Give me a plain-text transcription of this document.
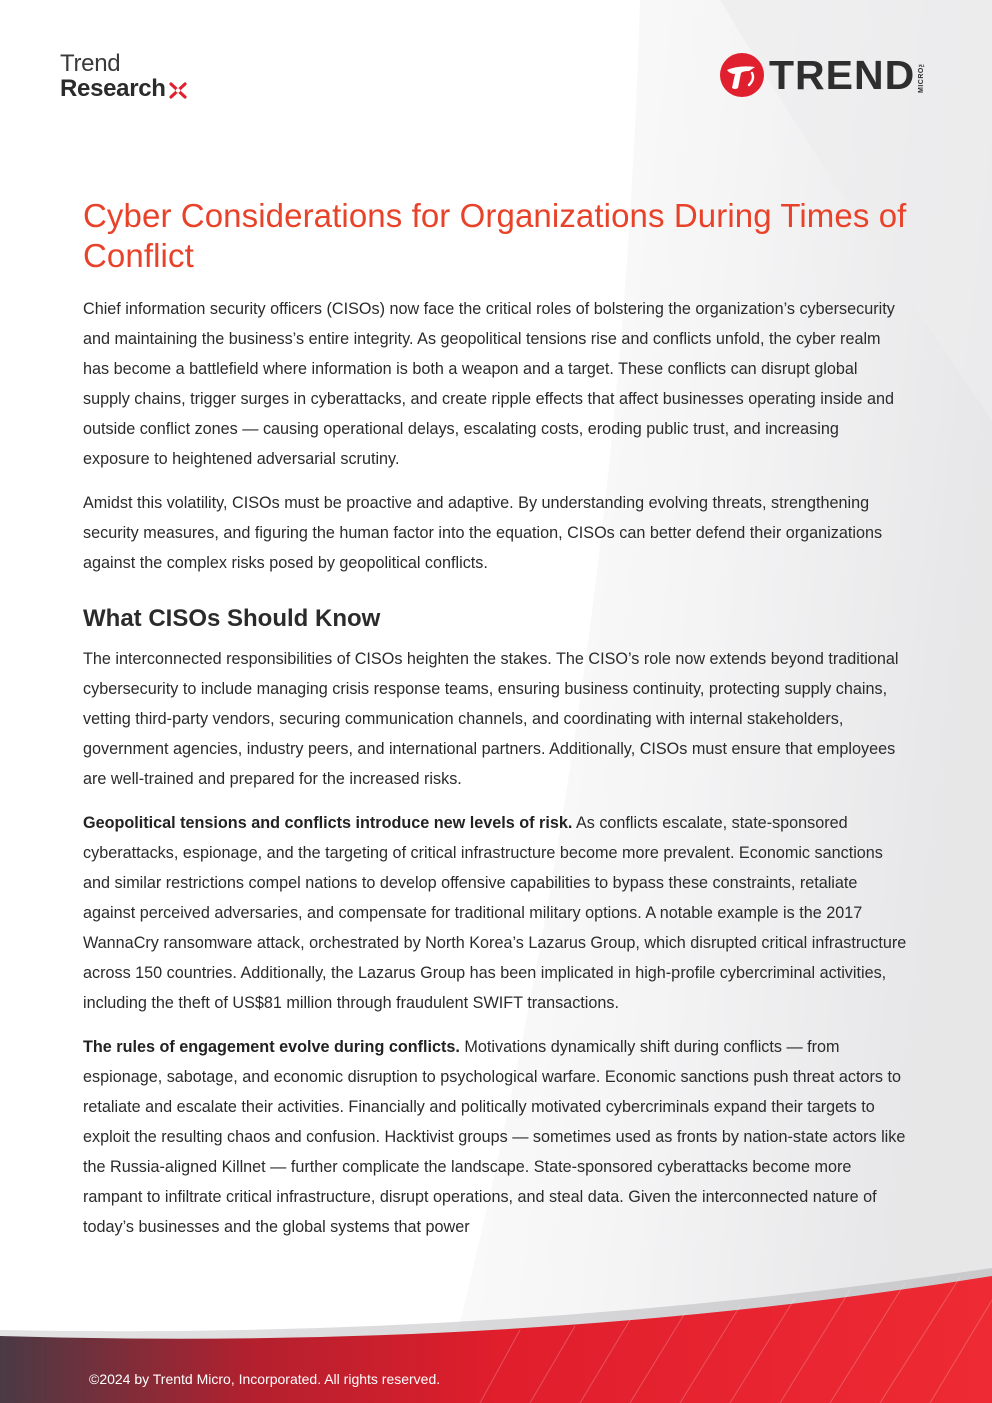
Trend
Research	TREND MICRO™
Cyber Considerations for Organizations During Times of Conflict

Chief information security officers (CISOs) now face the critical roles of bolstering the organization’s cybersecurity and maintaining the business’s entire integrity. As geopolitical tensions rise and conflicts unfold, the cyber realm has become a battlefield where information is both a weapon and a target. These conflicts can disrupt global supply chains, trigger surges in cyberattacks, and create ripple effects that affect businesses operating inside and outside conflict zones — causing operational delays, escalating costs, eroding public trust, and increasing exposure to heightened adversarial scrutiny.

Amidst this volatility, CISOs must be proactive and adaptive. By understanding evolving threats, strengthening security measures, and figuring the human factor into the equation, CISOs can better defend their organizations against the complex risks posed by geopolitical conflicts.

What CISOs Should Know

The interconnected responsibilities of CISOs heighten the stakes. The CISO’s role now extends beyond traditional cybersecurity to include managing crisis response teams, ensuring business continuity, protecting supply chains, vetting third-party vendors, securing communication channels, and coordinating with internal stakeholders, government agencies, industry peers, and international partners. Additionally, CISOs must ensure that employees are well-trained and prepared for the increased risks.

Geopolitical tensions and conflicts introduce new levels of risk. As conflicts escalate, state-sponsored cyberattacks, espionage, and the targeting of critical infrastructure become more prevalent. Economic sanctions and similar restrictions compel nations to develop offensive capabilities to bypass these constraints, retaliate against perceived adversaries, and compensate for traditional military options. A notable example is the 2017 WannaCry ransomware attack, orchestrated by North Korea’s Lazarus Group, which disrupted critical infrastructure across 150 countries. Additionally, the Lazarus Group has been implicated in high-profile cybercriminal activities, including the theft of US$81 million through fraudulent SWIFT transactions.

The rules of engagement evolve during conflicts. Motivations dynamically shift during conflicts — from espionage, sabotage, and economic disruption to psychological warfare. Economic sanctions push threat actors to retaliate and escalate their activities. Financially and politically motivated cybercriminals expand their targets to exploit the resulting chaos and confusion. Hacktivist groups — sometimes used as fronts by nation-state actors like the Russia-aligned Killnet — further complicate the landscape. State-sponsored cyberattacks become more rampant to infiltrate critical infrastructure, disrupt operations, and steal data. Given the interconnected nature of today’s businesses and the global systems that power

©2024 by Trentd Micro, Incorporated. All rights reserved.
